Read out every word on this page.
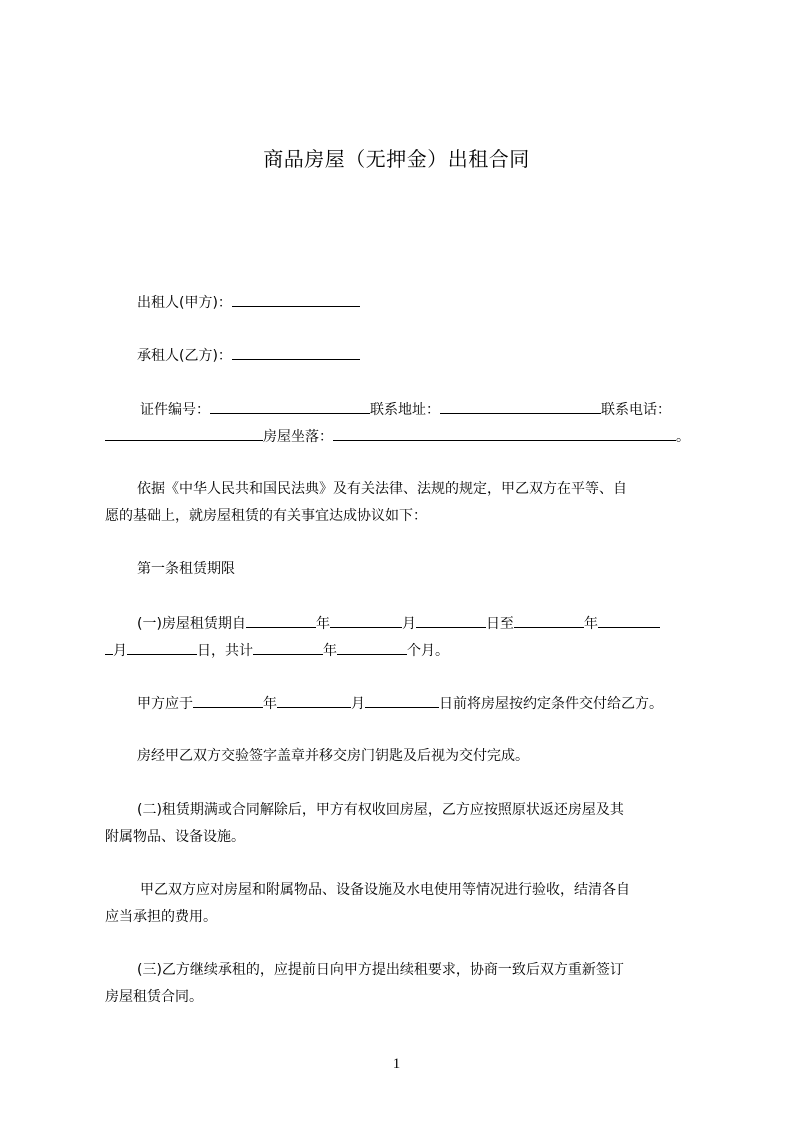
商品房屋（无押金）出租合同
出租人(甲方)：
承租人(乙方)：
证件编号：	联系地址：	联系电话：
房屋坐落：	。
依据《中华人民共和国民法典》及有关法律、法规的规定，甲乙双方在平等、自
愿的基础上，就房屋租赁的有关事宜达成协议如下：
第一条租赁期限
(一)房屋租赁期自	年	月	日至	年
月	日，共计	年	个月。
甲方应于	年	月	日前将房屋按约定条件交付给乙方。
房经甲乙双方交验签字盖章并移交房门钥匙及后视为交付完成。
(二)租赁期满或合同解除后，甲方有权收回房屋，乙方应按照原状返还房屋及其
附属物品、设备设施。
甲乙双方应对房屋和附属物品、设备设施及水电使用等情况进行验收，结清各自
应当承担的费用。
(三)乙方继续承租的，应提前日向甲方提出续租要求，协商一致后双方重新签订
房屋租赁合同。
1
